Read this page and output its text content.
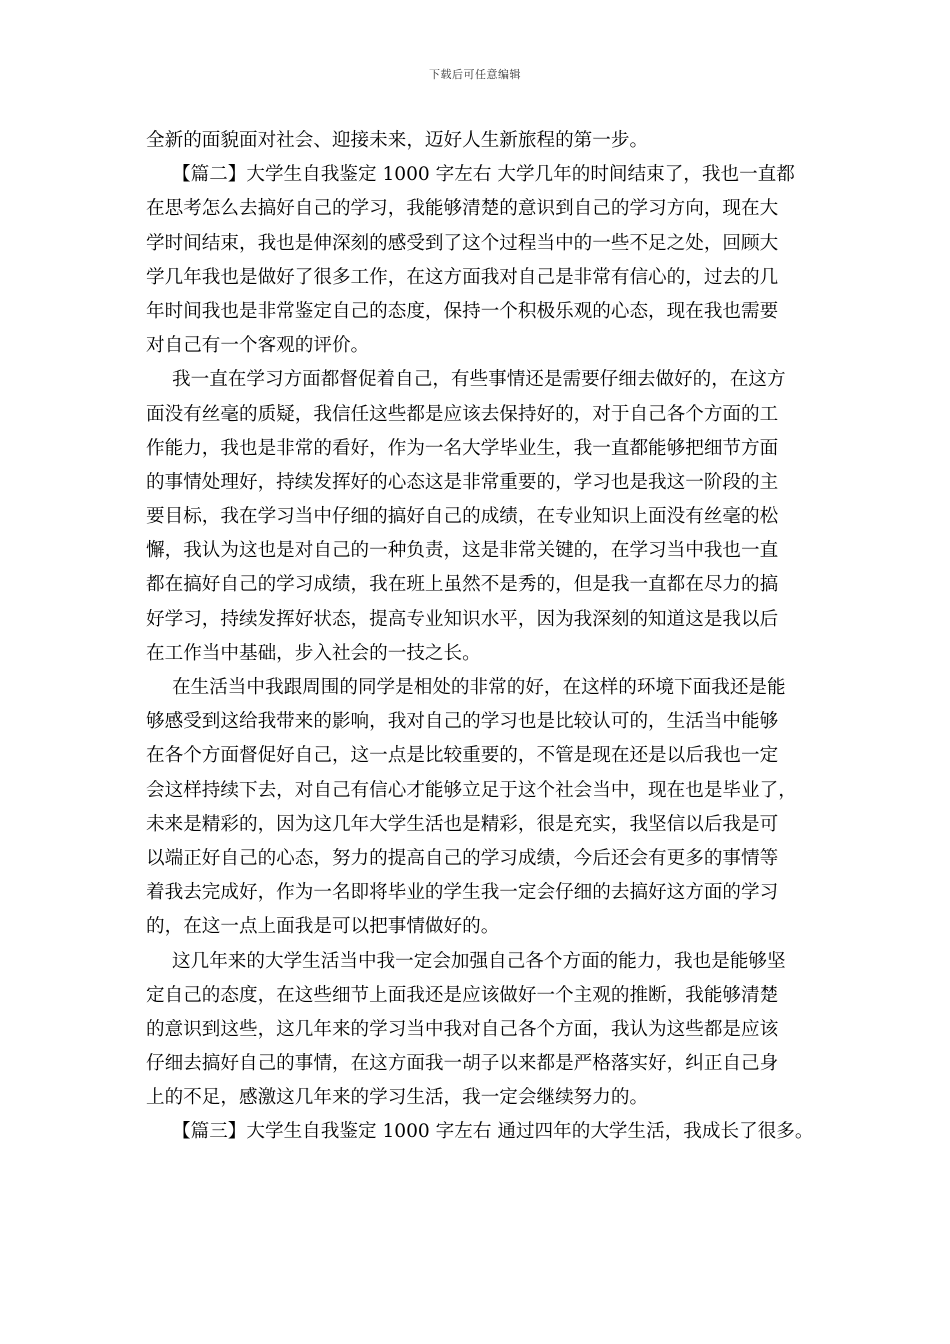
下载后可任意编辑
全新的面貌面对社会、迎接未来，迈好人生新旅程的第一步。
【篇二】大学生自我鉴定 1000 字左右 大学几年的时间结束了，我也一直都
在思考怎么去搞好自己的学习，我能够清楚的意识到自己的学习方向，现在大
学时间结束，我也是伸深刻的感受到了这个过程当中的一些不足之处，回顾大
学几年我也是做好了很多工作，在这方面我对自己是非常有信心的，过去的几
年时间我也是非常鉴定自己的态度，保持一个积极乐观的心态，现在我也需要
对自己有一个客观的评价。
我一直在学习方面都督促着自己，有些事情还是需要仔细去做好的，在这方
面没有丝毫的质疑，我信任这些都是应该去保持好的，对于自己各个方面的工
作能力，我也是非常的看好，作为一名大学毕业生，我一直都能够把细节方面
的事情处理好，持续发挥好的心态这是非常重要的，学习也是我这一阶段的主
要目标，我在学习当中仔细的搞好自己的成绩，在专业知识上面没有丝毫的松
懈，我认为这也是对自己的一种负责，这是非常关键的，在学习当中我也一直
都在搞好自己的学习成绩，我在班上虽然不是秀的，但是我一直都在尽力的搞
好学习，持续发挥好状态，提高专业知识水平，因为我深刻的知道这是我以后
在工作当中基础，步入社会的一技之长。
在生活当中我跟周围的同学是相处的非常的好，在这样的环境下面我还是能
够感受到这给我带来的影响，我对自己的学习也是比较认可的，生活当中能够
在各个方面督促好自己，这一点是比较重要的，不管是现在还是以后我也一定
会这样持续下去，对自己有信心才能够立足于这个社会当中，现在也是毕业了，
未来是精彩的，因为这几年大学生活也是精彩，很是充实，我坚信以后我是可
以端正好自己的心态，努力的提高自己的学习成绩，今后还会有更多的事情等
着我去完成好，作为一名即将毕业的学生我一定会仔细的去搞好这方面的学习
的，在这一点上面我是可以把事情做好的。
这几年来的大学生活当中我一定会加强自己各个方面的能力，我也是能够坚
定自己的态度，在这些细节上面我还是应该做好一个主观的推断，我能够清楚
的意识到这些，这几年来的学习当中我对自己各个方面，我认为这些都是应该
仔细去搞好自己的事情，在这方面我一胡子以来都是严格落实好，纠正自己身
上的不足，感激这几年来的学习生活，我一定会继续努力的。
【篇三】大学生自我鉴定 1000 字左右 通过四年的大学生活，我成长了很多。
